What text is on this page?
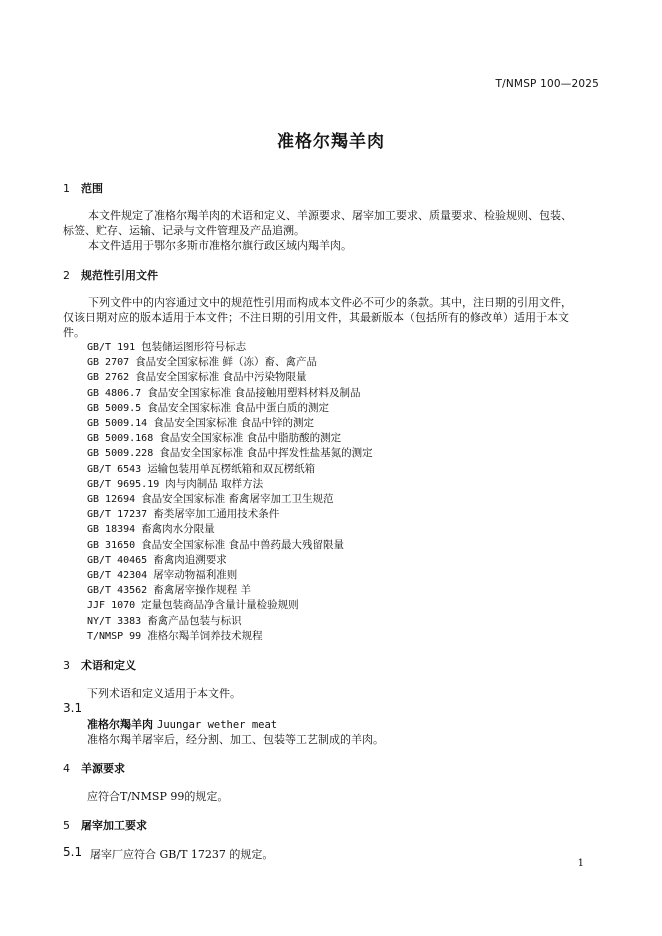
T/NMSP 100—2025
准格尔羯羊肉
1 范围
本文件规定了准格尔羯羊肉的术语和定义、羊源要求、屠宰加工要求、质量要求、检验规则、包装、
标签、贮存、运输、记录与文件管理及产品追溯。
本文件适用于鄂尔多斯市准格尔旗行政区域内羯羊肉。
2 规范性引用文件
下列文件中的内容通过文中的规范性引用而构成本文件必不可少的条款。其中，注日期的引用文件，
仅该日期对应的版本适用于本文件；不注日期的引用文件，其最新版本（包括所有的修改单）适用于本文
件。
GB/T 191 包装储运图形符号标志
GB 2707 食品安全国家标准 鲜（冻）畜、禽产品
GB 2762 食品安全国家标准 食品中污染物限量
GB 4806.7 食品安全国家标准 食品接触用塑料材料及制品
GB 5009.5 食品安全国家标准 食品中蛋白质的测定
GB 5009.14 食品安全国家标准 食品中锌的测定
GB 5009.168 食品安全国家标准 食品中脂肪酸的测定
GB 5009.228 食品安全国家标准 食品中挥发性盐基氮的测定
GB/T 6543 运输包装用单瓦楞纸箱和双瓦楞纸箱
GB/T 9695.19 肉与肉制品 取样方法
GB 12694 食品安全国家标准 畜禽屠宰加工卫生规范
GB/T 17237 畜类屠宰加工通用技术条件
GB 18394 畜禽肉水分限量
GB 31650 食品安全国家标准 食品中兽药最大残留限量
GB/T 40465 畜禽肉追溯要求
GB/T 42304 屠宰动物福利准则
GB/T 43562 畜禽屠宰操作规程 羊
JJF 1070 定量包装商品净含量计量检验规则
NY/T 3383 畜禽产品包装与标识
T/NMSP 99 准格尔羯羊饲养技术规程
3 术语和定义
下列术语和定义适用于本文件。
3.1
准格尔羯羊肉 Juungar wether meat
准格尔羯羊屠宰后，经分割、加工、包装等工艺制成的羊肉。
4 羊源要求
应符合T/NMSP 99的规定。
5 屠宰加工要求
5.1 屠宰厂应符合 GB/T 17237 的规定。
1
